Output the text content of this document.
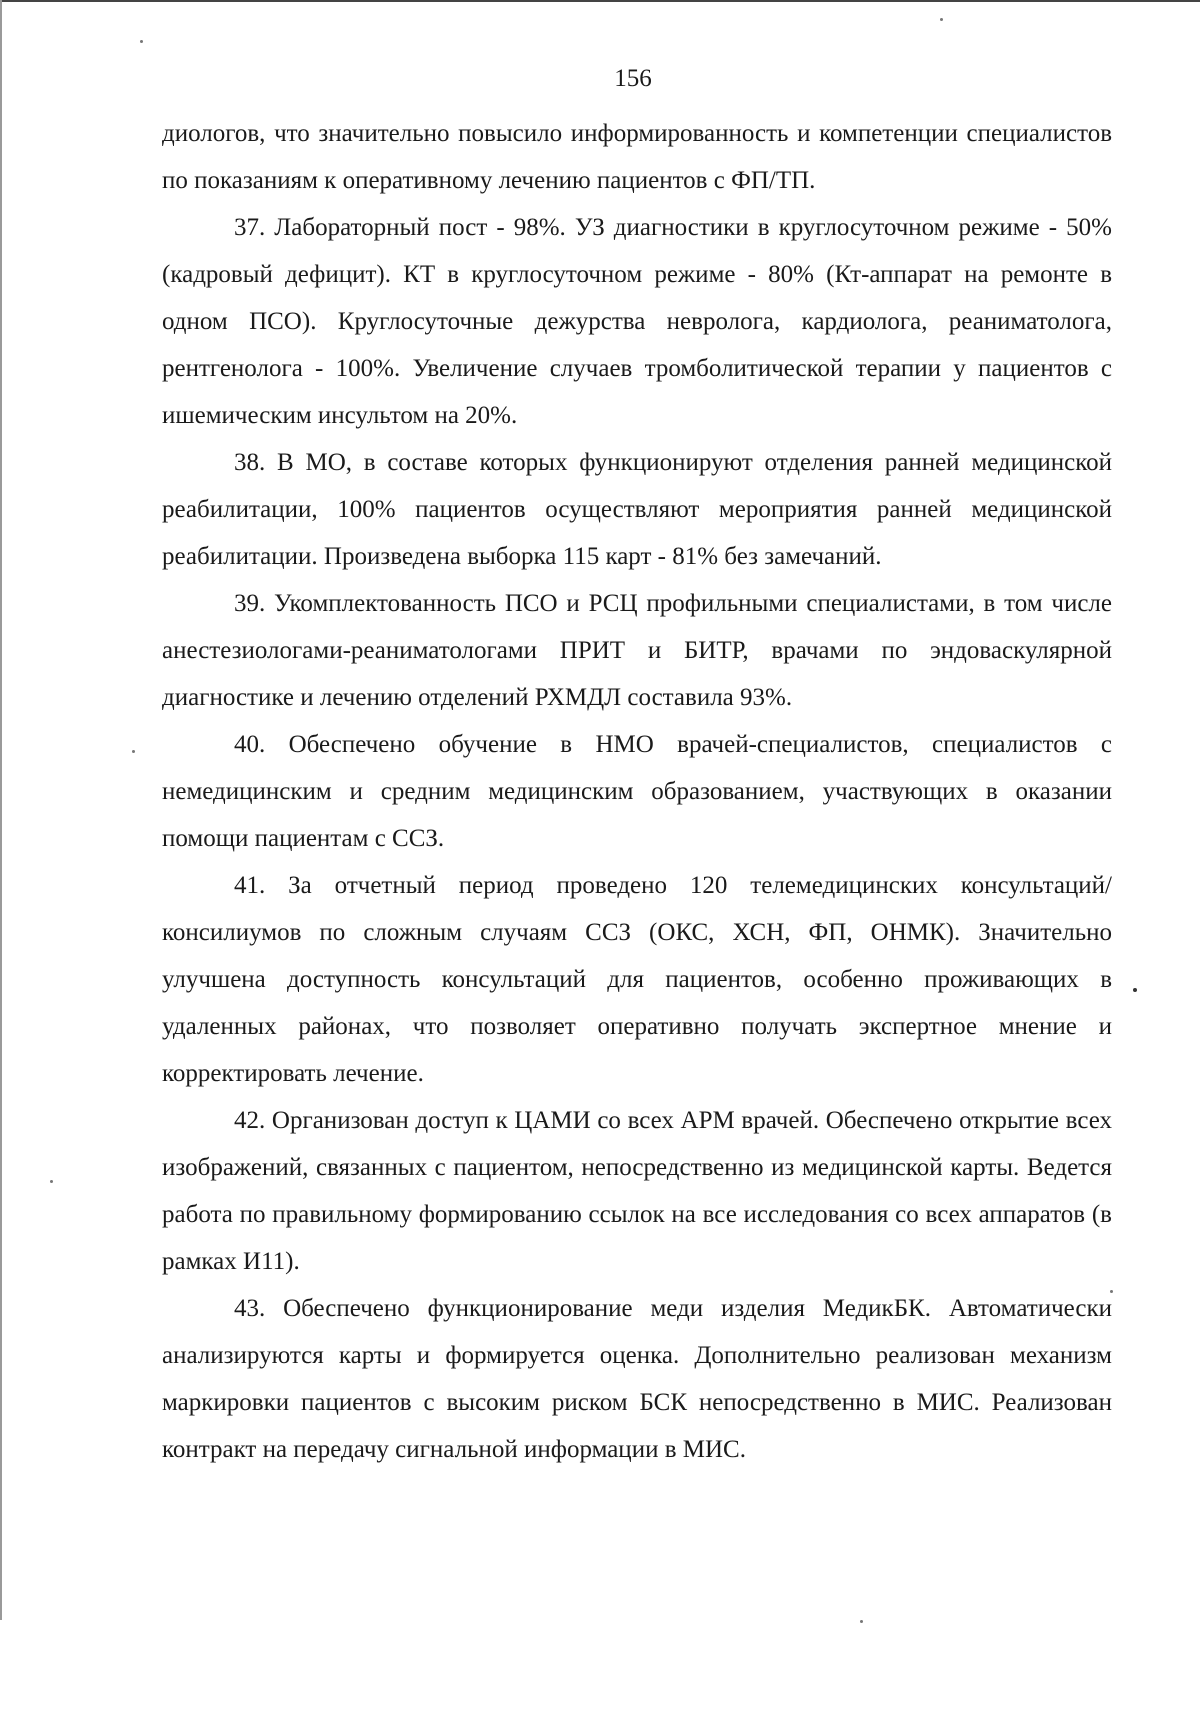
156

диологов, что значительно повысило информированность и компетенции специалистов по показаниям к оперативному лечению пациентов с ФП/ТП.

37. Лабораторный пост - 98%. УЗ диагностики в круглосуточном режиме - 50% (кадровый дефицит). КТ в круглосуточном режиме - 80% (Кт-аппарат на ремонте в одном ПСО). Круглосуточные дежурства невролога, кардиолога, реаниматолога, рентгенолога - 100%. Увеличение случаев тромболитической терапии у пациентов с ишемическим инсультом на 20%.

38. В МО, в составе которых функционируют отделения ранней медицинской реабилитации, 100% пациентов осуществляют мероприятия ранней медицинской реабилитации. Произведена выборка 115 карт - 81% без замечаний.

39. Укомплектованность ПСО и РСЦ профильными специалистами, в том числе анестезиологами-реаниматологами ПРИТ и БИТР, врачами по эндоваскулярной диагностике и лечению отделений РХМДЛ составила 93%.

40. Обеспечено обучение в НМО врачей-специалистов, специалистов с немедицинским и средним медицинским образованием, участвующих в оказании помощи пациентам с ССЗ.

41. За отчетный период проведено 120 телемедицинских консультаций/консилиумов по сложным случаям ССЗ (ОКС, ХСН, ФП, ОНМК). Значительно улучшена доступность консультаций для пациентов, особенно проживающих в удаленных районах, что позволяет оперативно получать экспертное мнение и корректировать лечение.

42. Организован доступ к ЦАМИ со всех АРМ врачей. Обеспечено открытие всех изображений, связанных с пациентом, непосредственно из медицинской карты. Ведется работа по правильному формированию ссылок на все исследования со всех аппаратов (в рамках И11).

43. Обеспечено функционирование меди изделия МедикБК. Автоматически анализируются карты и формируется оценка. Дополнительно реализован механизм маркировки пациентов с высоким риском БСК непосредственно в МИС. Реализован контракт на передачу сигнальной информации в МИС.
